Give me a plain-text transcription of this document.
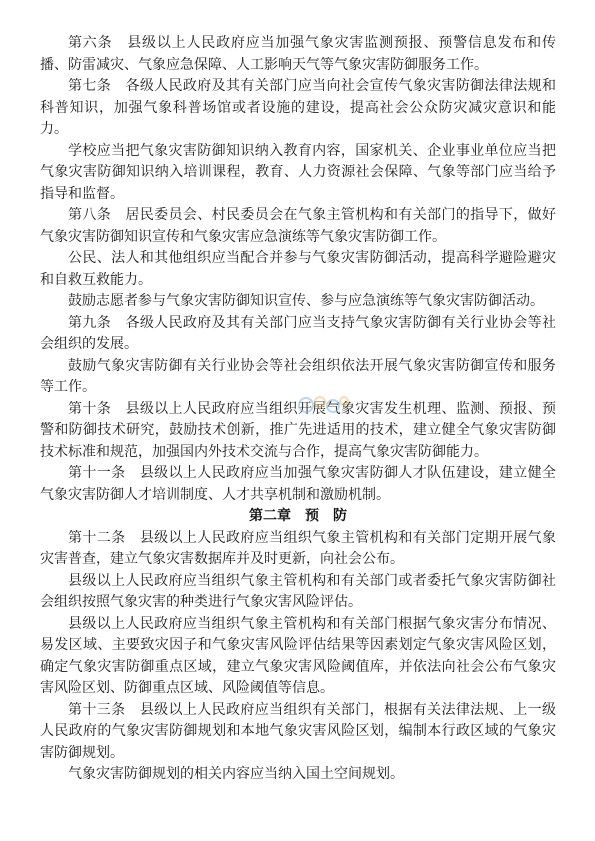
第六条　县级以上人民政府应当加强气象灾害监测预报、预警信息发布和传播、防雷减灾、气象应急保障、人工影响天气等气象灾害防御服务工作。

第七条　各级人民政府及其有关部门应当向社会宣传气象灾害防御法律法规和科普知识，加强气象科普场馆或者设施的建设，提高社会公众防灾减灾意识和能力。

学校应当把气象灾害防御知识纳入教育内容，国家机关、企业事业单位应当把气象灾害防御知识纳入培训课程，教育、人力资源社会保障、气象等部门应当给予指导和监督。

第八条　居民委员会、村民委员会在气象主管机构和有关部门的指导下，做好气象灾害防御知识宣传和气象灾害应急演练等气象灾害防御工作。

公民、法人和其他组织应当配合并参与气象灾害防御活动，提高科学避险避灾和自救互救能力。

鼓励志愿者参与气象灾害防御知识宣传、参与应急演练等气象灾害防御活动。

第九条　各级人民政府及其有关部门应当支持气象灾害防御有关行业协会等社会组织的发展。

鼓励气象灾害防御有关行业协会等社会组织依法开展气象灾害防御宣传和服务等工作。

第十条　县级以上人民政府应当组织开展气象灾害发生机理、监测、预报、预警和防御技术研究，鼓励技术创新，推广先进适用的技术，建立健全气象灾害防御技术标准和规范，加强国内外技术交流与合作，提高气象灾害防御能力。

第十一条　县级以上人民政府应当加强气象灾害防御人才队伍建设，建立健全气象灾害防御人才培训制度、人才共享机制和激励机制。

第二章　预　防

第十二条　县级以上人民政府应当组织气象主管机构和有关部门定期开展气象灾害普查，建立气象灾害数据库并及时更新，向社会公布。

县级以上人民政府应当组织气象主管机构和有关部门或者委托气象灾害防御社会组织按照气象灾害的种类进行气象灾害风险评估。

县级以上人民政府应当组织气象主管机构和有关部门根据气象灾害分布情况、易发区域、主要致灾因子和气象灾害风险评估结果等因素划定气象灾害风险区划，确定气象灾害防御重点区域，建立气象灾害风险阈值库，并依法向社会公布气象灾害风险区划、防御重点区域、风险阈值等信息。

第十三条　县级以上人民政府应当组织有关部门，根据有关法律法规、上一级人民政府的气象灾害防御规划和本地气象灾害风险区划，编制本行政区域的气象灾害防御规划。

气象灾害防御规划的相关内容应当纳入国土空间规划。
